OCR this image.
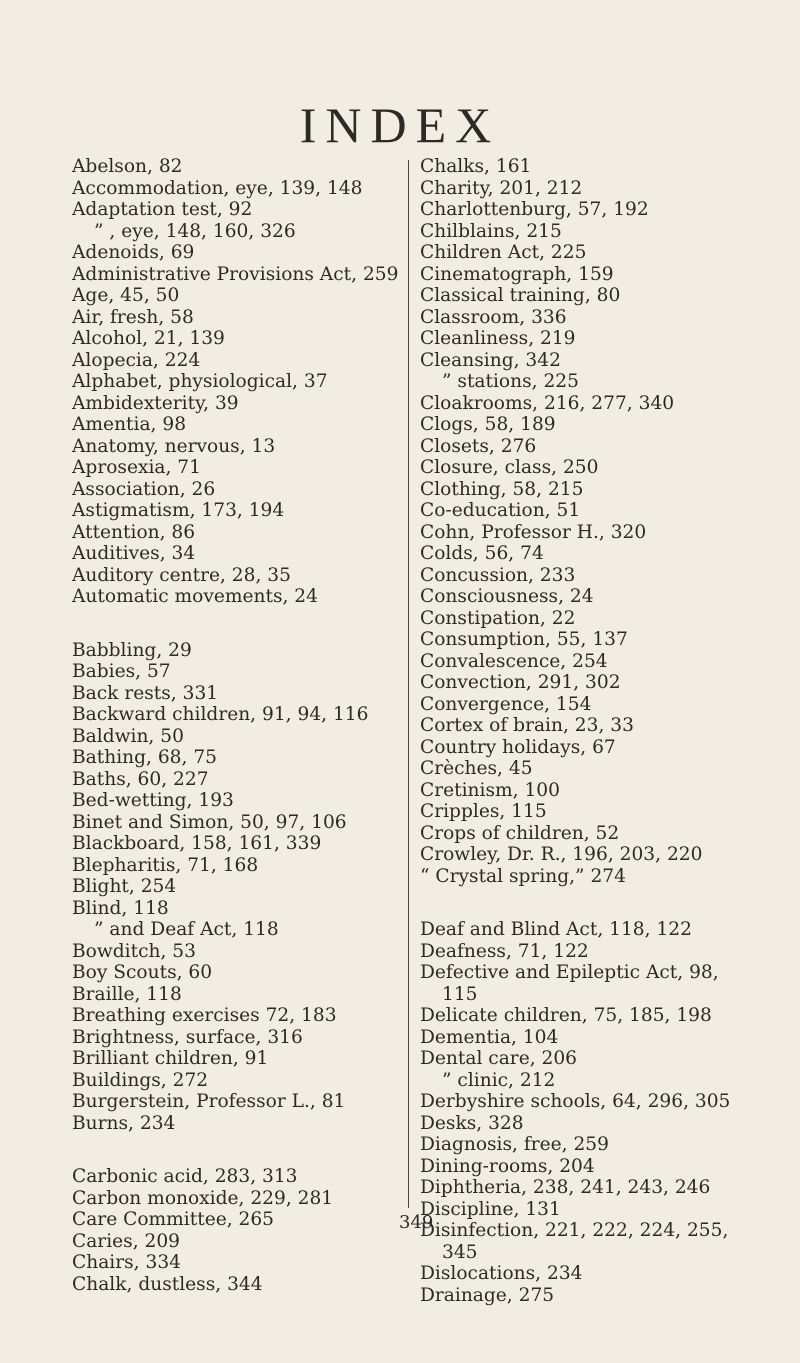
INDEX
Abelson, 82
Accommodation, eye, 139, 148
Adaptation test, 92
” , eye, 148, 160, 326
Adenoids, 69
Administrative Provisions Act, 259
Age, 45, 50
Air, fresh, 58
Alcohol, 21, 139
Alopecia, 224
Alphabet, physiological, 37
Ambidexterity, 39
Amentia, 98
Anatomy, nervous, 13
Aprosexia, 71
Association, 26
Astigmatism, 173, 194
Attention, 86
Auditives, 34
Auditory centre, 28, 35
Automatic movements, 24
Babbling, 29
Babies, 57
Back rests, 331
Backward children, 91, 94, 116
Baldwin, 50
Bathing, 68, 75
Baths, 60, 227
Bed-wetting, 193
Binet and Simon, 50, 97, 106
Blackboard, 158, 161, 339
Blepharitis, 71, 168
Blight, 254
Blind, 118
” and Deaf Act, 118
Bowditch, 53
Boy Scouts, 60
Braille, 118
Breathing exercises 72, 183
Brightness, surface, 316
Brilliant children, 91
Buildings, 272
Burgerstein, Professor L., 81
Burns, 234
Carbonic acid, 283, 313
Carbon monoxide, 229, 281
Care Committee, 265
Caries, 209
Chairs, 334
Chalk, dustless, 344
Chalks, 161
Charity, 201, 212
Charlottenburg, 57, 192
Chilblains, 215
Children Act, 225
Cinematograph, 159
Classical training, 80
Classroom, 336
Cleanliness, 219
Cleansing, 342
” stations, 225
Cloakrooms, 216, 277, 340
Clogs, 58, 189
Closets, 276
Closure, class, 250
Clothing, 58, 215
Co-education, 51
Cohn, Professor H., 320
Colds, 56, 74
Concussion, 233
Consciousness, 24
Constipation, 22
Consumption, 55, 137
Convalescence, 254
Convection, 291, 302
Convergence, 154
Cortex of brain, 23, 33
Country holidays, 67
Crèches, 45
Cretinism, 100
Cripples, 115
Crops of children, 52
Crowley, Dr. R., 196, 203, 220
“ Crystal spring,” 274
Deaf and Blind Act, 118, 122
Deafness, 71, 122
Defective and Epileptic Act, 98,
115
Delicate children, 75, 185, 198
Dementia, 104
Dental care, 206
” clinic, 212
Derbyshire schools, 64, 296, 305
Desks, 328
Diagnosis, free, 259
Dining-rooms, 204
Diphtheria, 238, 241, 243, 246
Discipline, 131
Disinfection, 221, 222, 224, 255,
345
Dislocations, 234
Drainage, 275
349
